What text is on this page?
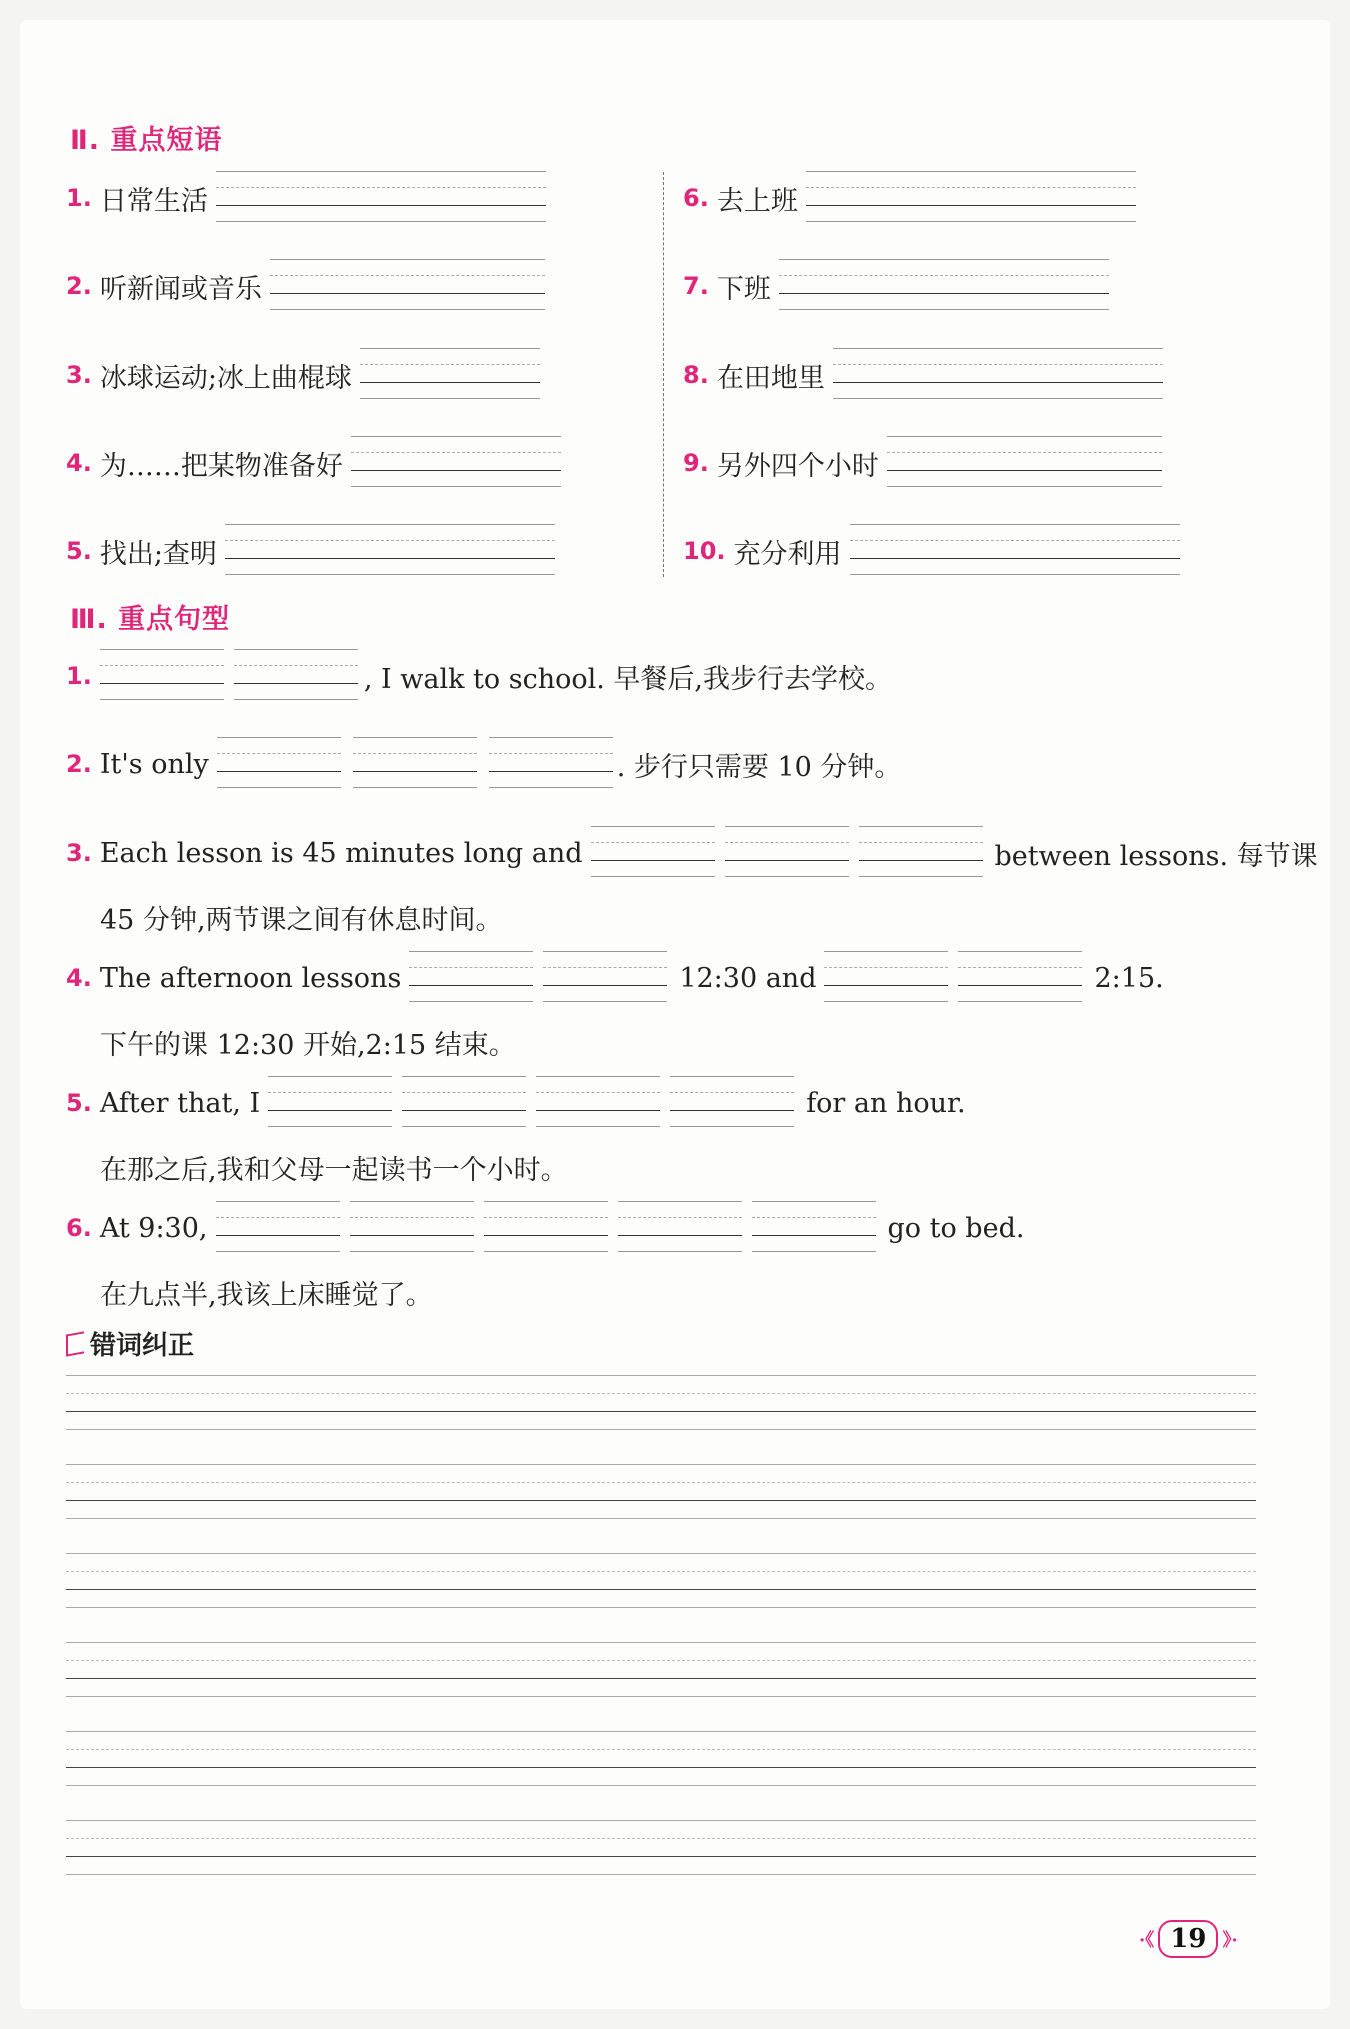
Ⅱ. 重点短语
1. 日常生活
2. 听新闻或音乐
3. 冰球运动;冰上曲棍球
4. 为……把某物准备好
5. 找出;查明
6. 去上班
7. 下班
8. 在田地里
9. 另外四个小时
10. 充分利用
Ⅲ. 重点句型
1.	, I walk to school. 早餐后,我步行去学校。
2. It's only	. 步行只需要 10 分钟。
3. Each lesson is 45 minutes long and	between lessons. 每节课
45 分钟,两节课之间有休息时间。
4. The afternoon lessons	12:30 and	2:15.
下午的课 12:30 开始,2:15 结束。
5. After that, I	for an hour.
在那之后,我和父母一起读书一个小时。
6. At 9:30,	go to bed.
在九点半,我该上床睡觉了。
错词纠正
·《 19 》·
